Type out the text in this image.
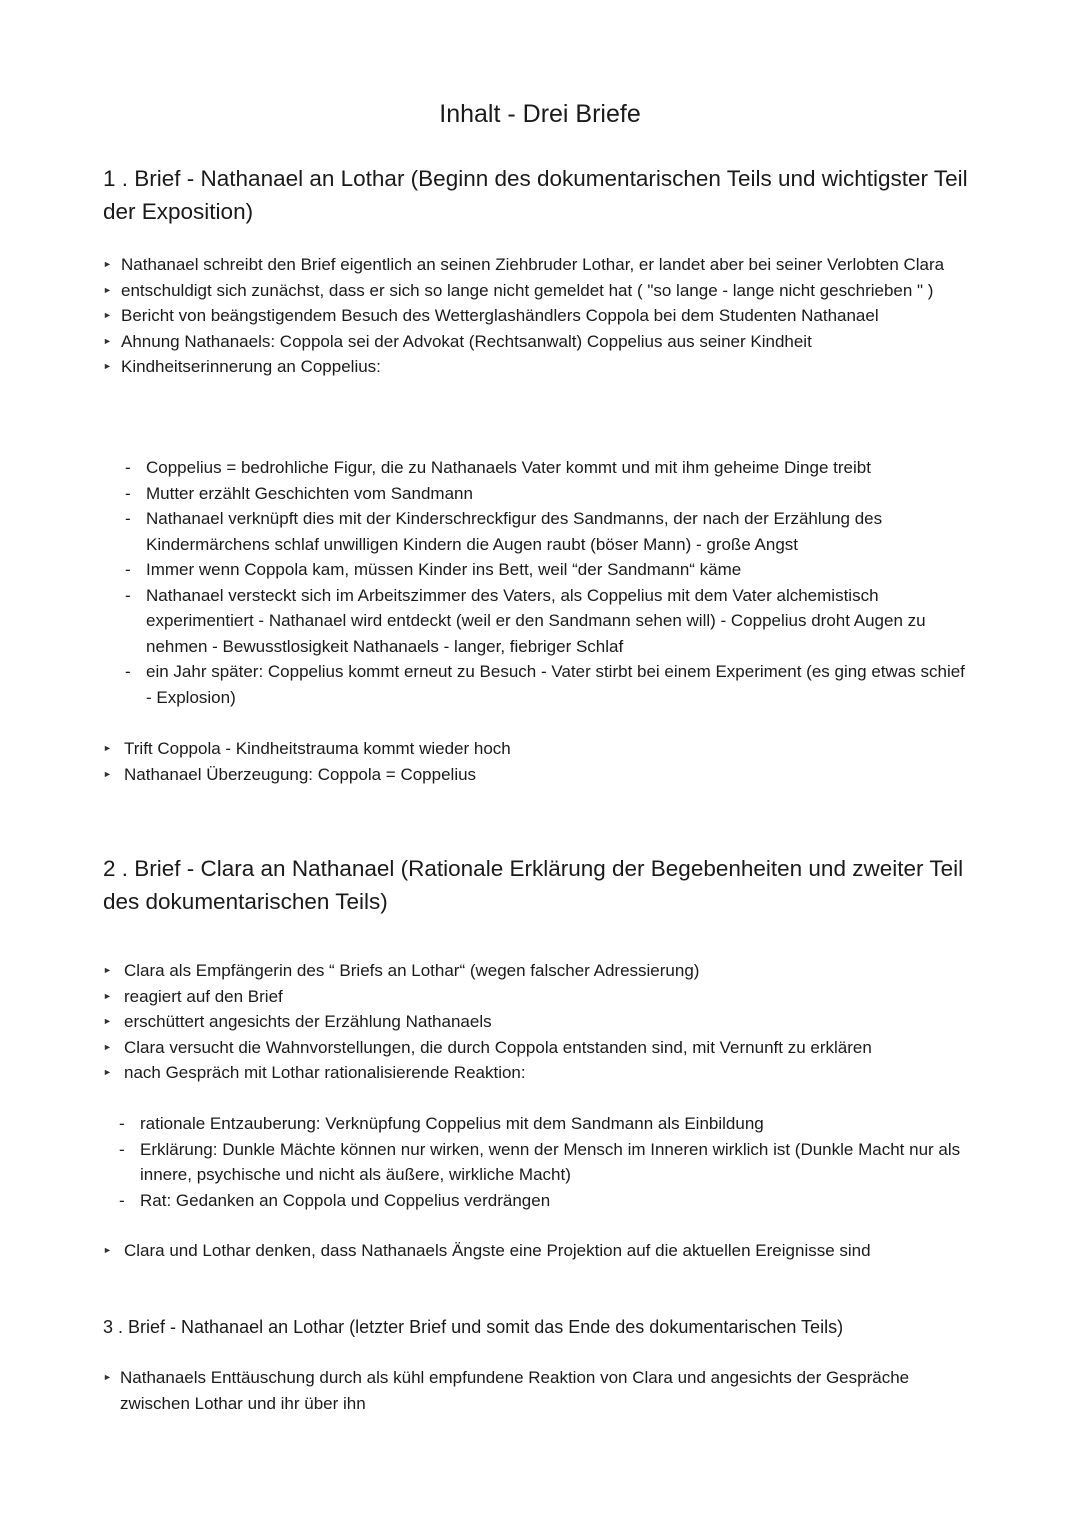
Inhalt - Drei Briefe
1 . Brief - Nathanael an Lothar (Beginn des dokumentarischen Teils und wichtigster Teil der Exposition)
► Nathanael schreibt den Brief eigentlich an seinen Ziehbruder Lothar, er landet aber bei seiner Verlobten Clara
► entschuldigt sich zunächst, dass er sich so lange nicht gemeldet hat ( "so lange - lange nicht geschrieben " )
► Bericht von beängstigendem Besuch des Wetterglashändlers Coppola bei dem Studenten Nathanael
► Ahnung Nathanaels: Coppola sei der Advokat (Rechtsanwalt) Coppelius aus seiner Kindheit
► Kindheitserinnerung an Coppelius:
- Coppelius = bedrohliche Figur, die zu Nathanaels Vater kommt und mit ihm geheime Dinge treibt
- Mutter erzählt Geschichten vom Sandmann
- Nathanael verknüpft dies mit der Kinderschreckfigur des Sandmanns, der nach der Erzählung des Kindermärchens schlaf unwilligen Kindern die Augen raubt (böser Mann) - große Angst
- Immer wenn Coppola kam, müssen Kinder ins Bett, weil “der Sandmann“ käme
- Nathanael versteckt sich im Arbeitszimmer des Vaters, als Coppelius mit dem Vater alchemistisch experimentiert - Nathanael wird entdeckt (weil er den Sandmann sehen will) - Coppelius droht Augen zu nehmen - Bewusstlosigkeit Nathanaels - langer, fiebriger Schlaf
- ein Jahr später: Coppelius kommt erneut zu Besuch - Vater stirbt bei einem Experiment (es ging etwas schief - Explosion)
► Trift Coppola - Kindheitstrauma kommt wieder hoch
► Nathanael Überzeugung: Coppola = Coppelius
2 . Brief - Clara an Nathanael (Rationale Erklärung der Begebenheiten und zweiter Teil des dokumentarischen Teils)
► Clara als Empfängerin des “ Briefs an Lothar“ (wegen falscher Adressierung)
► reagiert auf den Brief
► erschüttert angesichts der Erzählung Nathanaels
► Clara versucht die Wahnvorstellungen, die durch Coppola entstanden sind, mit Vernunft zu erklären
► nach Gespräch mit Lothar rationalisierende Reaktion:
- rationale Entzauberung: Verknüpfung Coppelius mit dem Sandmann als Einbildung
- Erklärung: Dunkle Mächte können nur wirken, wenn der Mensch im Inneren wirklich ist (Dunkle Macht nur als innere, psychische und nicht als äußere, wirkliche Macht)
- Rat: Gedanken an Coppola und Coppelius verdrängen
► Clara und Lothar denken, dass Nathanaels Ängste eine Projektion auf die aktuellen Ereignisse sind
3 . Brief - Nathanael an Lothar (letzter Brief und somit das Ende des dokumentarischen Teils)
► Nathanaels Enttäuschung durch als kühl empfundene Reaktion von Clara und angesichts der Gespräche zwischen Lothar und ihr über ihn
